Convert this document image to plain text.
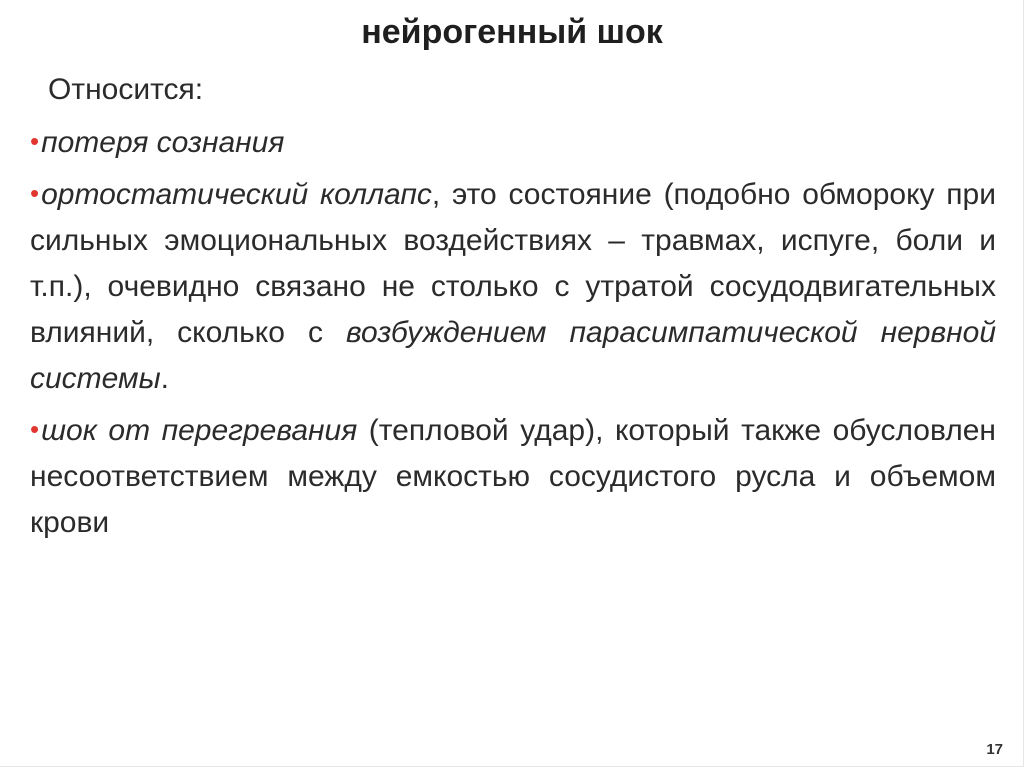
нейрогенный шок
Относится:

•потеря сознания

•ортостатический коллапс, это состояние (подобно обмороку при сильных эмоциональных воздействиях – травмах, испуге, боли и т.п.), очевидно связано не столько с утратой сосудодвигательных влияний, сколько с возбуждением парасимпатической нервной системы.

•шок от перегревания (тепловой удар), который также обусловлен несоответствием между емкостью сосудистого русла и объемом крови

17
